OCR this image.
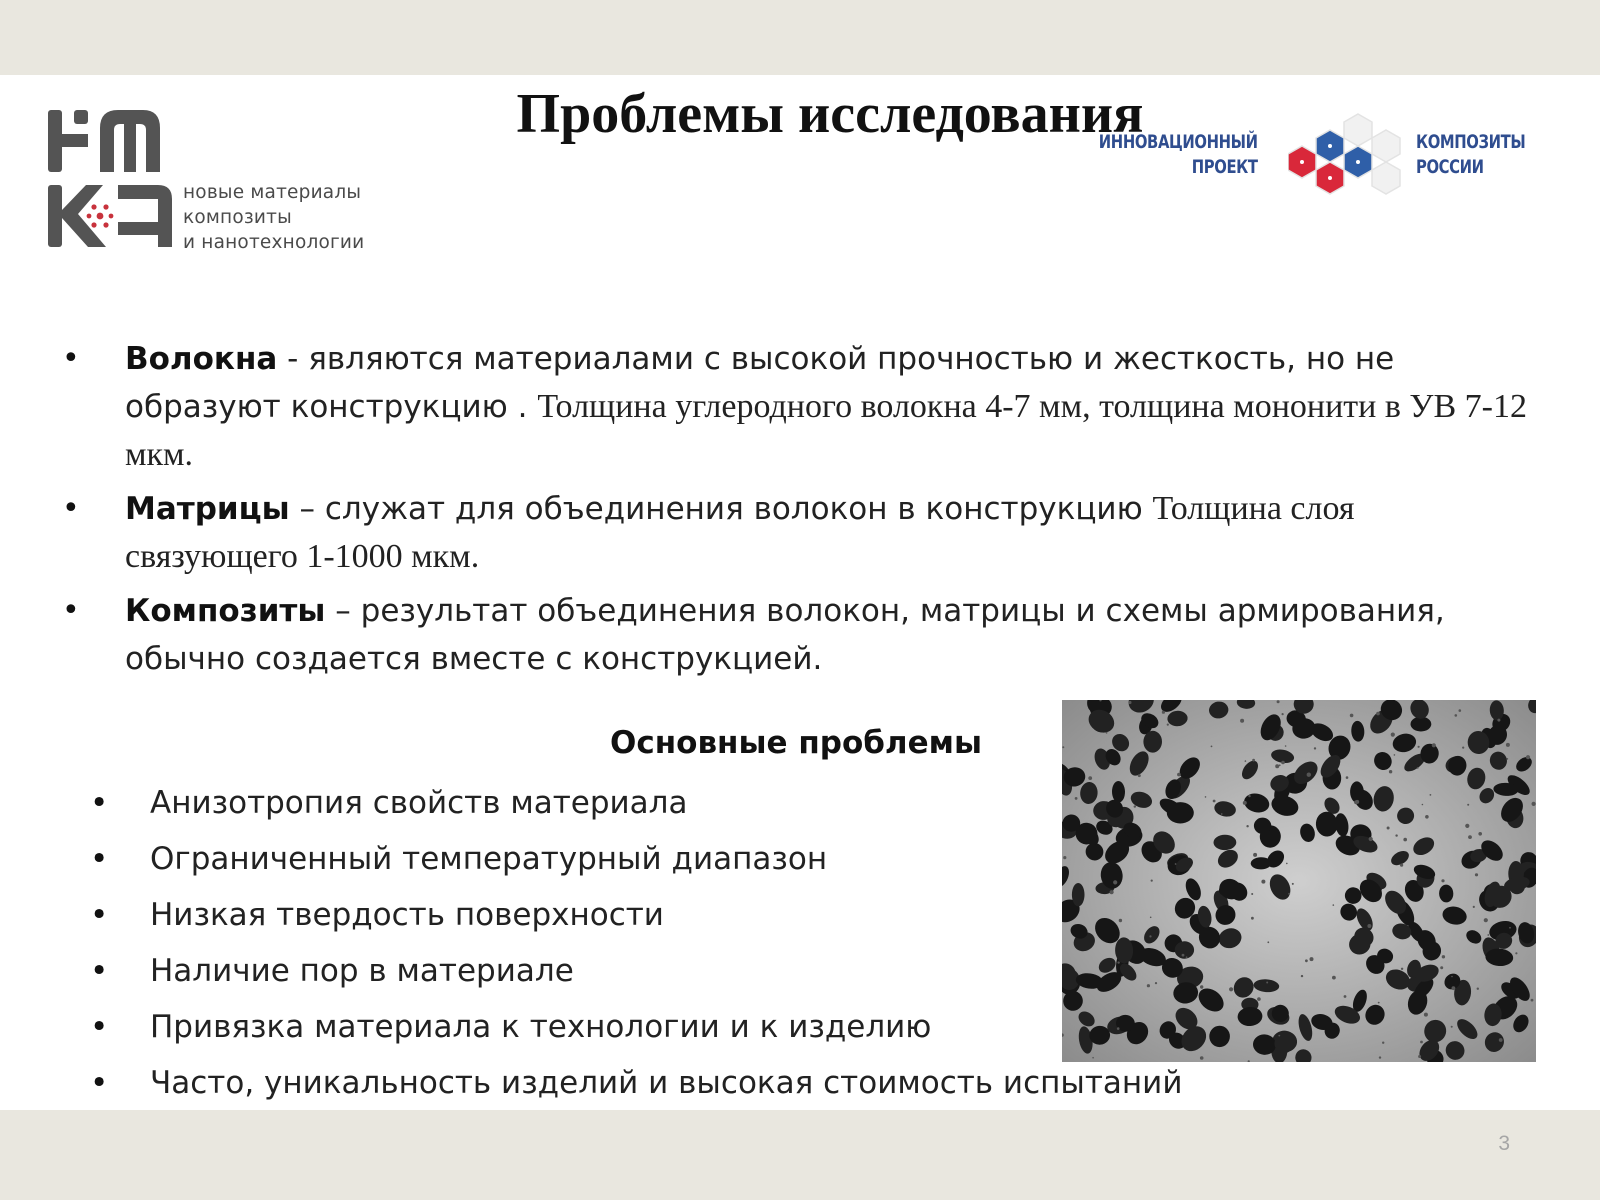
новые материалы
композиты
и нанотехнологии
Проблемы исследования
ИННОВАЦИОННЫЙ
ПРОЕКТ
КОМПОЗИТЫ
РОССИИ
• Волокна - являются материалами с высокой прочностью и жесткость, но не образуют конструкцию . Толщина углеродного волокна 4-7 мм, толщина мононити в УВ 7-12 мкм.
• Матрицы – служат для объединения волокон в конструкцию Толщина слоя связующего 1-1000 мкм.
• Композиты – результат объединения волокон, матрицы и схемы армирования, обычно создается вместе с конструкцией.
Основные проблемы
• Анизотропия свойств материала
• Ограниченный температурный диапазон
• Низкая твердость поверхности
• Наличие пор в материале
• Привязка материала к технологии и к изделию
• Часто, уникальность изделий и высокая стоимость испытаний
3
